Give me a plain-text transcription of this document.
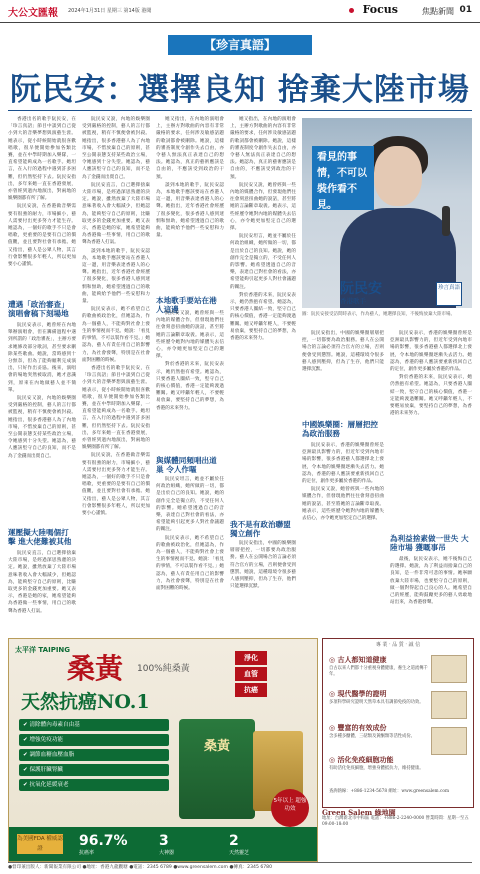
大公文匯報 2024年1月31日 星期三 第14版 港聞	Focus	焦點新聞 01
【珍言真語】
阮民安：選擇良知 捨棄大陸市場

香港出名的歌手阮民安，在「珍言真語」節目中談到自己從小到大的音樂夢想與演藝生涯。她表示，從小時候開始就很喜歡唱歌，很早便開始參加各類比賽，並在中學時期加入樂隊，一直希望能夠成為一名歌手。她坦言，在入行的過程中遇到許多困難，但仍然堅持下去。阮民安指出，多年來她一直在香港發展，亦曾經到過內地演出，對兩地的娛樂圈都有所了解。

阮民安說，在香港做音樂需要有很強的耐力，市場細小，藝人需要付出更多努力才能生存。她認為，一個好的歌手不只是會唱歌，更重要的是要有自己的價值觀，並且要對社會有承擔。她又指出，藝人是公眾人物，其言行會影響很多年輕人，所以更加要小心謹慎。

遭遇「政治審查」 演唱會稿下刻場地

阮民安表示，她曾經在內地舉辦演唱會，但在籌備過程中遇到所謂的「政治審查」，主辦方要求她修改部分歌詞，甚至要求刪除某些歌曲。她說，當時感到十分無奈，但為了能夠順利完成演出，只好作出妥協。後來，演唱會的場地突然被取消，她才意識到，原來在內地做藝人並不簡單。

阮民安又說，內地的娛樂圈受到嚴格的控制，藝人的言行都被監視，稍有不慎便會被封殺。她指出，很多香港藝人為了內地市場，不惜放棄自己的原則，甚至公開表態支持某些政治立場，令她感到十分失望。她認為，藝人應該堅守自己的良知，而不是為了金錢而出賣自己。

運壓擬大陸嗎個打擊 進大佬難被其他

阮民安直言，自己選擇捨棄大陸市場，是經過深思熟慮的決定。她說，雖然放棄了大陸市場意味著收入會大幅減少，但她認為，能夠堅守自己的原則，比賺取更多的金錢更加重要。她又表示，香港是她的家，她希望能夠為香港做一些事情，用自己的歌聲為香港人打氣。

阮民安又說，內地的娛樂圈受到嚴格的控制，藝人的言行都被監視，稍有不慎便會被封殺。她指出，很多香港藝人為了內地市場，不惜放棄自己的原則，甚至公開表態支持某些政治立場，令她感到十分失望。她認為，藝人應該堅守自己的良知，而不是為了金錢而出賣自己。

阮民安直言，自己選擇捨棄大陸市場，是經過深思熟慮的決定。她說，雖然放棄了大陸市場意味著收入會大幅減少，但她認為，能夠堅守自己的原則，比賺取更多的金錢更加重要。她又表示，香港是她的家，她希望能夠為香港做一些事情，用自己的歌聲為香港人打氣。

談到本地的歌手，阮民安認為，本地歌手應該要站在香港人這一邊，用音樂表達香港人的心聲。她指出，近年香港社會經歷了很多變化，很多香港人感到迷惘和無助，她希望透過自己的歌曲，能夠給予他們一些安慰和力量。

阮民安表示，她不希望自己的歌曲被政治化，但她認為，作為一個藝人，不能夠對社會上發生的事情視而不見。她說：「看見的事情，不可以裝作看不見。」她認為，藝人有責任用自己的影響力，為社會發聲，特別是在社會面對困難的時候。

香港出名的歌手阮民安，在「珍言真語」節目中談到自己從小到大的音樂夢想與演藝生涯。她表示，從小時候開始就很喜歡唱歌，很早便開始參加各類比賽，並在中學時期加入樂隊，一直希望能夠成為一名歌手。她坦言，在入行的過程中遇到許多困難，但仍然堅持下去。阮民安指出，多年來她一直在香港發展，亦曾經到過內地演出，對兩地的娛樂圈都有所了解。

阮民安說，在香港做音樂需要有很強的耐力，市場細小，藝人需要付出更多努力才能生存。她認為，一個好的歌手不只是會唱歌，更重要的是要有自己的價值觀，並且要對社會有承擔。她又指出，藝人是公眾人物，其言行會影響很多年輕人，所以更加要小心謹慎。

她又指出，在內地的演唱會上，主辦方對歌曲的內容有非常嚴格的要求，任何涉及敏感話題的歌詞都會被刪除。她說，這樣的審查制度令創作失去自由，亦令藝人無法真正表達自己的想法。她認為，真正的藝術應該是自由的，不應該受到政治的干預。

談到本地的歌手，阮民安認為，本地歌手應該要站在香港人這一邊，用音樂表達香港人的心聲。她指出，近年香港社會經歷了很多變化，很多香港人感到迷惘和無助，她希望透過自己的歌曲，能夠給予他們一些安慰和力量。

本地歌手要站在港人這邊

阮民安又說，她曾經與一些內地的媒體合作，但發現他們往往會刻意扭曲她的說話，甚至將她的言論斷章取義。她表示，這些經歷令她對內地的媒體失去信心，亦令她更加堅定自己的選擇。

對於香港的未來，阮民安表示，她仍然抱有希望。她認為，只要香港人團結一致，堅守自己的核心價值，香港一定能夠渡過難關。她又呼籲年輕人，不要輕易放棄，要堅持自己的夢想，為香港的未來努力。

與媒體同頻唱出道巢 令人作嘔

阮民安坦言，她並不屬於任何政治組織，她所做的一切，都是出於自己的良知。她說，她的創作完全是獨立的，不受任何人的影響。她希望透過自己的音樂，表達自己對社會的看法，亦希望能夠引起更多人對社會議題的關注。

阮民安表示，她不希望自己的歌曲被政治化，但她認為，作為一個藝人，不能夠對社會上發生的事情視而不見。她說：「看見的事情，不可以裝作看不見。」她認為，藝人有責任用自己的影響力，為社會發聲，特別是在社會面對困難的時候。

她又指出，在內地的演唱會上，主辦方對歌曲的內容有非常嚴格的要求，任何涉及敏感話題的歌詞都會被刪除。她說，這樣的審查制度令創作失去自由，亦令藝人無法真正表達自己的想法。她認為，真正的藝術應該是自由的，不應該受到政治的干預。

阮民安又說，她曾經與一些內地的媒體合作，但發現他們往往會刻意扭曲她的說話，甚至將她的言論斷章取義。她表示，這些經歷令她對內地的媒體失去信心，亦令她更加堅定自己的選擇。

阮民安坦言，她並不屬於任何政治組織，她所做的一切，都是出於自己的良知。她說，她的創作完全是獨立的，不受任何人的影響。她希望透過自己的音樂，表達自己對社會的看法，亦希望能夠引起更多人對社會議題的關注。

對於香港的未來，阮民安表示，她仍然抱有希望。她認為，只要香港人團結一致，堅守自己的核心價值，香港一定能夠渡過難關。她又呼籲年輕人，不要輕易放棄，要堅持自己的夢想，為香港的未來努力。

我不是有政治聯盟 獨立創作

阮民安指出，中國的娛樂圈層層把控，一切都要為政治服務。藝人在公開場合的言論必須符合官方的立場，否則便會受到懲罰。她說，這種環境令很多藝人感到壓抑，但為了生存，他們只能選擇沉默。

看見的事情，不可以裝作看不見。
阮民安
香港歌手
珍言真語
圖：阮民安接受訪問時表示，作為藝人，她選擇良知，不後悔放棄大陸市場。

阮民安指出，中國的娛樂圈層層把控，一切都要為政治服務。藝人在公開場合的言論必須符合官方的立場，否則便會受到懲罰。她說，這種環境令很多藝人感到壓抑，但為了生存，他們只能選擇沉默。

中國娛樂圈：層層把控 為政治服務

阮民安表示，香港的娛樂圈曾經是亞洲最具影響力的，但近年受到內地市場的影響，很多香港藝人都選擇北上發展，令本地的娛樂圈逐漸失去活力。她認為，香港的藝人應該要重新找回自己的定位，創作更多屬於香港的作品。

阮民安又說，她曾經與一些內地的媒體合作，但發現他們往往會刻意扭曲她的說話，甚至將她的言論斷章取義。她表示，這些經歷令她對內地的媒體失去信心，亦令她更加堅定自己的選擇。

阮民安表示，香港的娛樂圈曾經是亞洲最具影響力的，但近年受到內地市場的影響，很多香港藝人都選擇北上發展，令本地的娛樂圈逐漸失去活力。她認為，香港的藝人應該要重新找回自己的定位，創作更多屬於香港的作品。

對於香港的未來，阮民安表示，她仍然抱有希望。她認為，只要香港人團結一致，堅守自己的核心價值，香港一定能夠渡過難關。她又呼籲年輕人，不要輕易放棄，要堅持自己的夢想，為香港的未來努力。

為利益捨素做一世失 大陸市場 獲嘅事吊

最後，阮民安表示，她不後悔自己的選擇。她說，為了利益而捨棄自己的良知，是一件非常可悲的事情。她寧願放棄大陸市場，也要堅守自己的原則，做一個對得起自己良心的人。她希望自己的經歷，能夠鼓勵更多的藝人勇敢地站出來，為香港發聲。

太平洋 TAIPING
桑黃 100%純桑黃
淨化
血管
抗癌
天然抗癌NO.1
✔ 清除體內毒素自由基
✔ 增強免疫功能
✔ 調節血糖血壓血脂
✔ 保護肝臟腎臟
✔ 抗氧化延緩衰老
桑黃
5年以上 超強功效
為美國FDA 權威認證	96.7%
抗癌率
3
大神器
2
天然靈芝
專 業 ‧ 品 質 ‧ 誠 信
◎ 古人都知道健康
自古以來人們都十分重視身體健康，養生之道流傳千年。
◎ 現代醫學的證明
多項科學研究證明天然草本具有調節免疫的功效。
◎ 豐富的有效成份
含多種多醣體、三萜類及黃酮類等活性成份。
◎ 活化免疫細胞功能
有助活化免疫細胞，增強身體抵抗力，維持健康。
查詢熱線：+886-1234-5678 網址：www.greensalem.com
Green Salem 綠地園
地址：台灣新北市中和區 電話：+886-2-2240-0000 營業時間：星期一至五 09:00-18:00
●督印兼出版人：新聞報業有限公司 ●地址：香港九龍觀塘 ●電話：2345 6789 ●www.greensalem.com ●傳真：2345 6780
